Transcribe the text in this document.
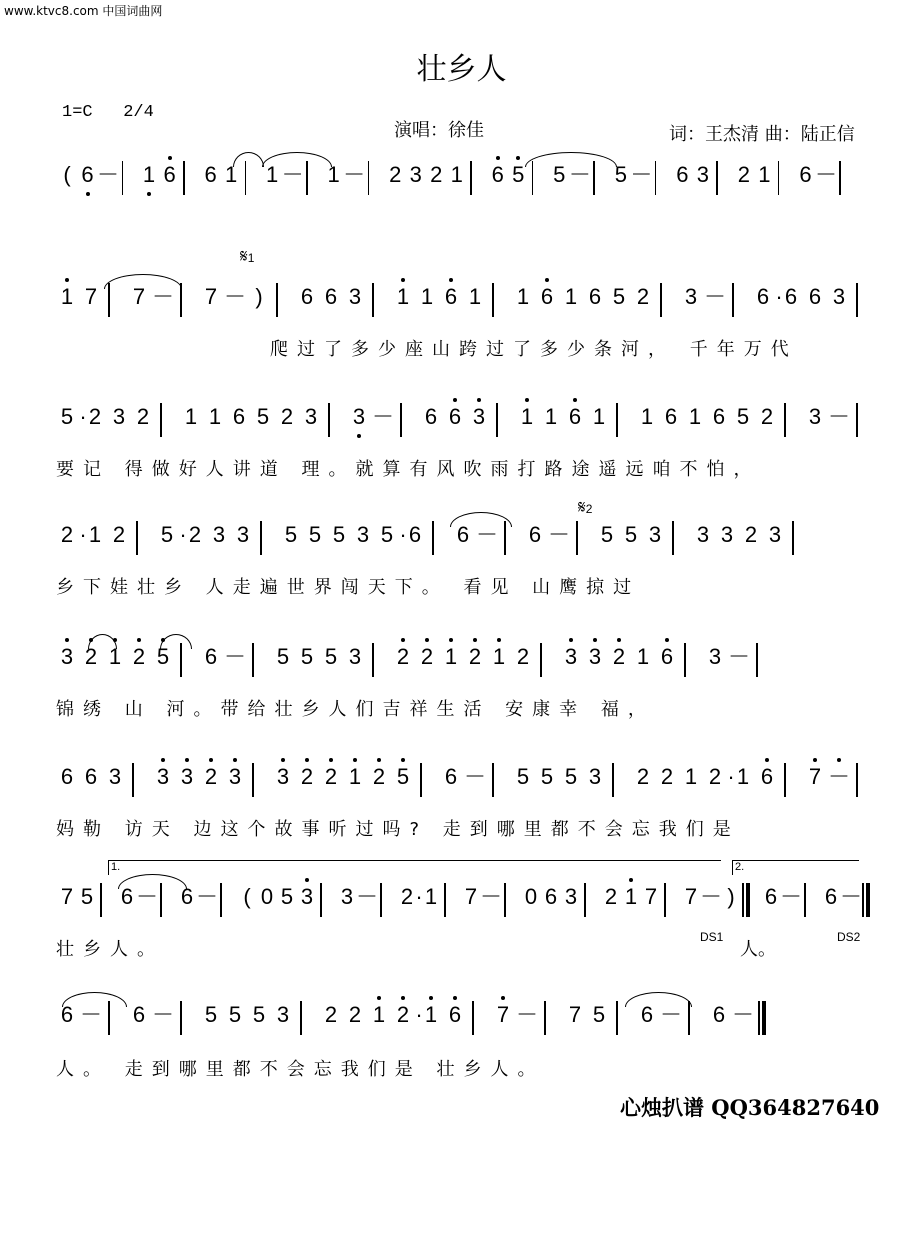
www.ktvc8.com 中国词曲网
壮乡人
1=C 2/4
演唱：徐佳	词：王杰清 曲：陆正信
𝄋1
𝄋2
1.	2.
DS1	DS2
( 6 － 1 6 6 1 1 － 1 － 2 3 2 1 6 5 5 － 5 － 6 3 2 1 6 －
1 7 7 － 7 － )	6 6 3 1 1 6 1 1 6 1 6 5 2 3 － 6 · 6 6 3
爬过了多少座山跨过了多少条河， 千年万代
5 · 2 3 2 1 1 6 5 2 3 3 － 6 6 3 1 1 6 1 1 6 1 6 5 2 3 －
要记 得做好人讲道 理。就算有风吹雨打路途遥远咱不怕，
2 · 1 2 5 · 2 3 3 5 5 5 3 5 · 6 6 － 6 － 5 5 3 3 3 2 3
乡下娃壮乡 人走遍世界闯天下。 看见 山鹰掠过
3 2 1 2 5 6 － 5 5 5 3 2 2 1 2 1 2 3 3 2 1 6 3 －
锦绣 山 河。带给壮乡人们吉祥生活 安康幸 福，
6 6 3 3 3 2 3 3 2 2 1 2 5 6 － 5 5 5 3 2 2 1 2 · 1 6 7 －
妈勒 访天 边这个故事听过吗? 走到哪里都不会忘我们是
7 5 6 － 6 －	( 0 5 3 3 － 2 · 1 7 － 0 6 3 2 1 7 7 － )	6 － 6 －
壮乡人。
6 － 6 － 5 5 5 3 2 2 1 2 · 1 6 7 － 7 5 6 － 6 －
人。 走到哪里都不会忘我们是 壮乡人。
人。
心烛扒谱 QQ364827640
